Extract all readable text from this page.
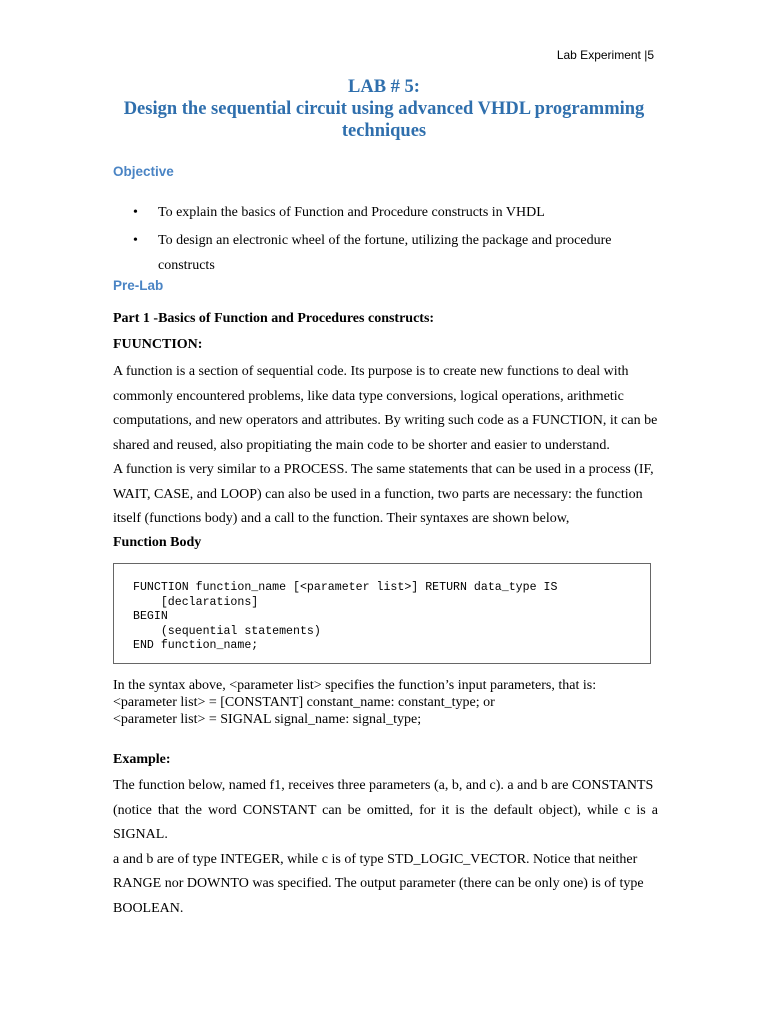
Lab Experiment |5
LAB # 5:
Design the sequential circuit using advanced VHDL programming
techniques
Objective
• To explain the basics of Function and Procedure constructs in VHDL
• To design an electronic wheel of the fortune, utilizing the package and procedure constructs
Pre-Lab
Part 1 -Basics of Function and Procedures constructs:
FUUNCTION:
A function is a section of sequential code. Its purpose is to create new functions to deal with
commonly encountered problems, like data type conversions, logical operations, arithmetic
computations, and new operators and attributes. By writing such code as a FUNCTION, it can be
shared and reused, also propitiating the main code to be shorter and easier to understand.
A function is very similar to a PROCESS. The same statements that can be used in a process (IF,
WAIT, CASE, and LOOP) can also be used in a function, two parts are necessary: the function
itself (functions body) and a call to the function. Their syntaxes are shown below,
Function Body
FUNCTION function_name [<parameter list>] RETURN data_type IS
[declarations]
BEGIN
(sequential statements)
END function_name;
In the syntax above, <parameter list> specifies the function’s input parameters, that is:
<parameter list> = [CONSTANT] constant_name: constant_type; or
<parameter list> = SIGNAL signal_name: signal_type;
Example:
The function below, named f1, receives three parameters (a, b, and c). a and b are CONSTANTS
(notice that the word CONSTANT can be omitted, for it is the default object), while c is a SIGNAL.
a and b are of type INTEGER, while c is of type STD_LOGIC_VECTOR. Notice that neither
RANGE nor DOWNTO was specified. The output parameter (there can be only one) is of type
BOOLEAN.
